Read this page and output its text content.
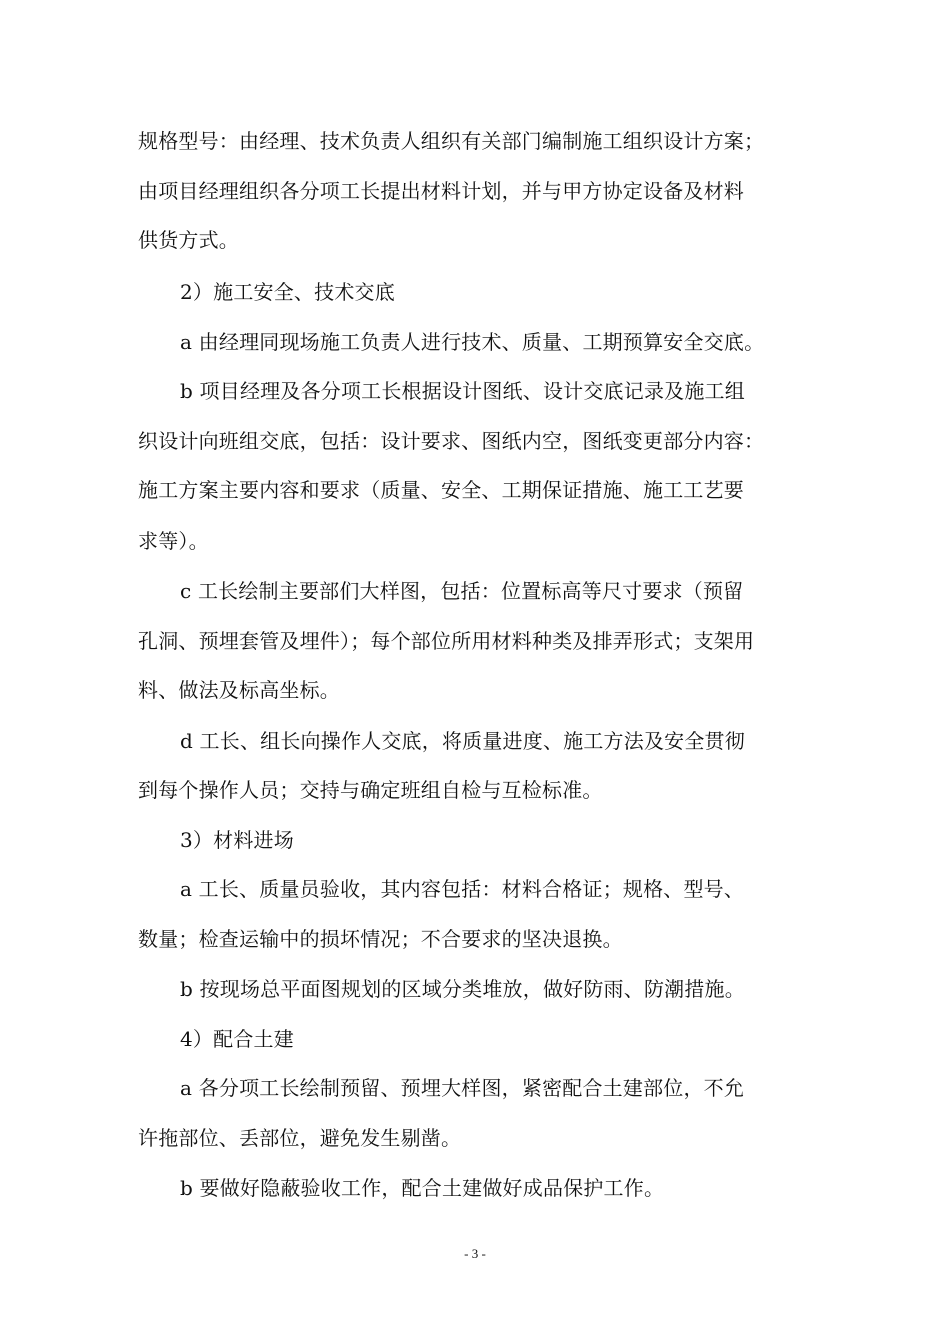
规格型号：由经理、技术负责人组织有关部门编制施工组织设计方案；
由项目经理组织各分项工长提出材料计划，并与甲方协定设备及材料
供货方式。
2）施工安全、技术交底
a 由经理同现场施工负责人进行技术、质量、工期预算安全交底。
b 项目经理及各分项工长根据设计图纸、设计交底记录及施工组
织设计向班组交底，包括：设计要求、图纸内空，图纸变更部分内容：
施工方案主要内容和要求（质量、安全、工期保证措施、施工工艺要
求等）。
c 工长绘制主要部们大样图，包括：位置标高等尺寸要求（预留
孔洞、预埋套管及埋件）；每个部位所用材料种类及排弄形式；支架用
料、做法及标高坐标。
d 工长、组长向操作人交底，将质量进度、施工方法及安全贯彻
到每个操作人员；交持与确定班组自检与互检标准。
3）材料进场
a 工长、质量员验收，其内容包括：材料合格证；规格、型号、
数量；检查运输中的损坏情况；不合要求的坚决退换。
b 按现场总平面图规划的区域分类堆放，做好防雨、防潮措施。
4）配合土建
a 各分项工长绘制预留、预埋大样图，紧密配合土建部位，不允
许拖部位、丢部位，避免发生剔凿。
b 要做好隐蔽验收工作，配合土建做好成品保护工作。
- 3 -
